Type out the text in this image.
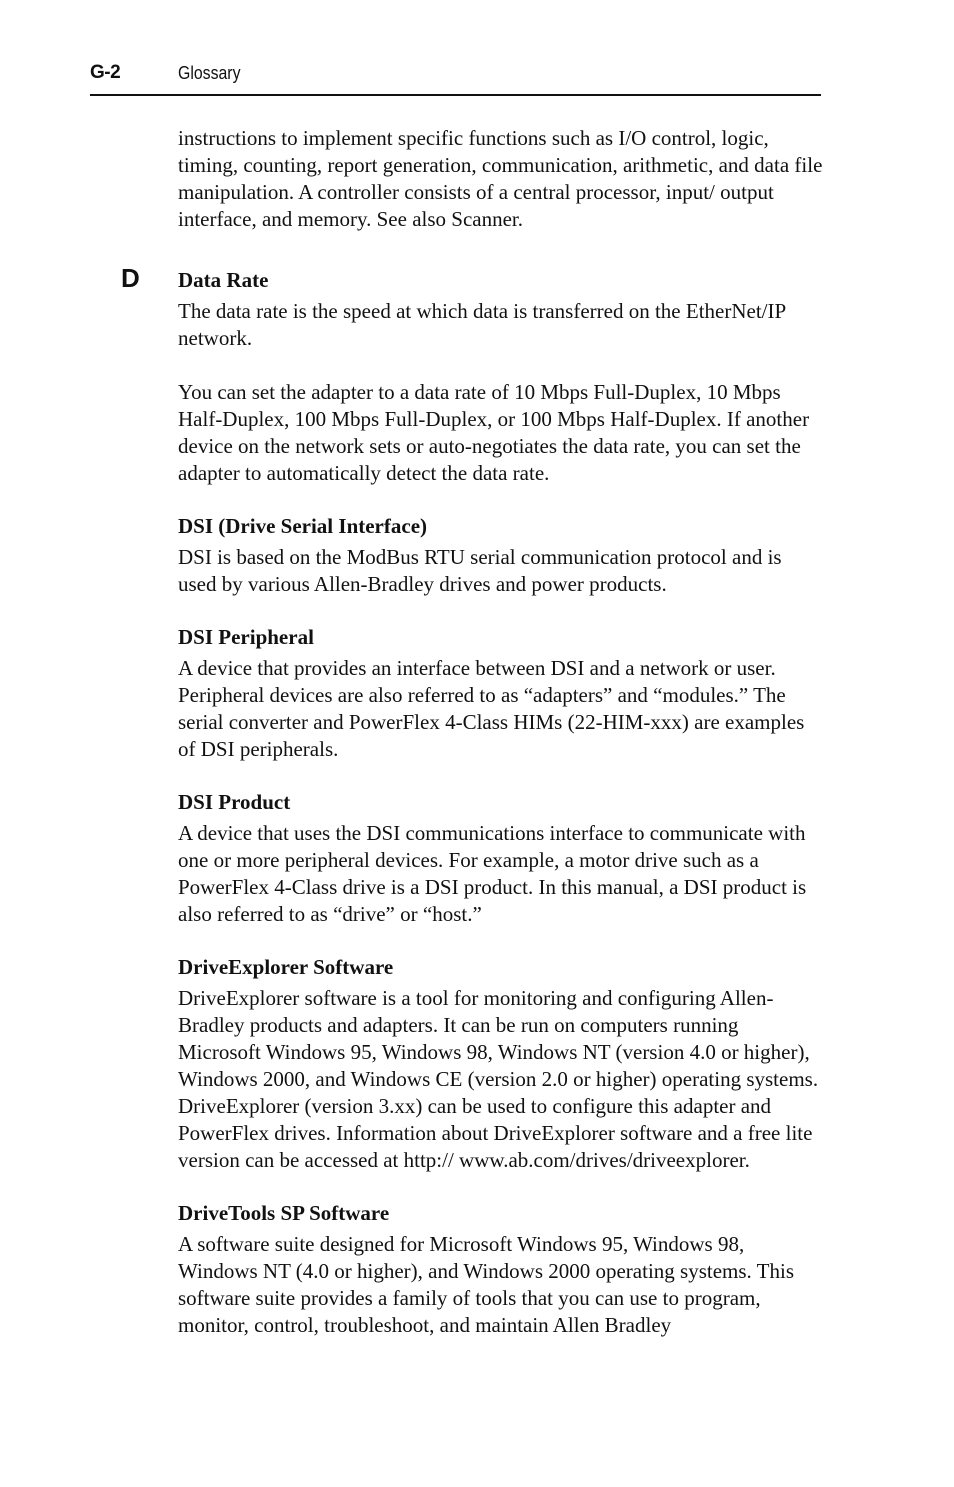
G-2	Glossary
D

instructions to implement specific functions such as I/O control, logic, timing, counting, report generation, communication, arithmetic, and data file manipulation. A controller consists of a central processor, input/ output interface, and memory. See also Scanner.

Data Rate

The data rate is the speed at which data is transferred on the EtherNet/IP network.

You can set the adapter to a data rate of 10 Mbps Full-Duplex, 10 Mbps Half-Duplex, 100 Mbps Full-Duplex, or 100 Mbps Half-Duplex. If another device on the network sets or auto-negotiates the data rate, you can set the adapter to automatically detect the data rate.

DSI (Drive Serial Interface)

DSI is based on the ModBus RTU serial communication protocol and is used by various Allen-Bradley drives and power products.

DSI Peripheral

A device that provides an interface between DSI and a network or user. Peripheral devices are also referred to as “adapters” and “modules.” The serial converter and PowerFlex 4-Class HIMs (22-HIM-xxx) are examples of DSI peripherals.

DSI Product

A device that uses the DSI communications interface to communicate with one or more peripheral devices. For example, a motor drive such as a PowerFlex 4-Class drive is a DSI product. In this manual, a DSI product is also referred to as “drive” or “host.”

DriveExplorer Software

DriveExplorer software is a tool for monitoring and configuring Allen-Bradley products and adapters. It can be run on computers running Microsoft Windows 95, Windows 98, Windows NT (version 4.0 or higher), Windows 2000, and Windows CE (version 2.0 or higher) operating systems. DriveExplorer (version 3.xx) can be used to configure this adapter and PowerFlex drives. Information about DriveExplorer software and a free lite version can be accessed at http:// www.ab.com/drives/driveexplorer.

DriveTools SP Software

A software suite designed for Microsoft Windows 95, Windows 98, Windows NT (4.0 or higher), and Windows 2000 operating systems. This software suite provides a family of tools that you can use to program, monitor, control, troubleshoot, and maintain Allen Bradley
